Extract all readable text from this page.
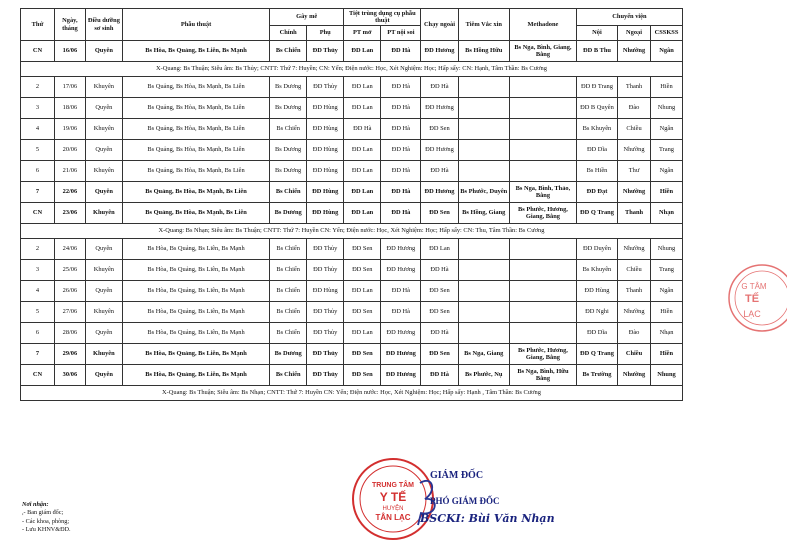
Thứ	Ngày, tháng	Điều dưỡng sơ sinh	Phẫu thuật	Gây mê		Tiệt trùng dụng cụ phẫu thuật		Chạy ngoài	Tiêm Vắc xin	Methadone	Chuyển viện		
				Chính	Phụ	PT mở	PT nội soi				Nội	Ngoại	CSSKSS
CN	16/06	Quyên	Bs Hòa, Bs Quảng, Bs Liên, Bs Mạnh	Bs Chiến	ĐD Thủy	ĐD Lan	ĐD Hà	ĐD Hương	Bs Hồng Hữu	Bs Nga, Bình, Giang, Bằng	ĐD B Thu	Nhường	Ngân
X-Quang: Bs Thuận; Siêu âm: Bs Thủy; CNTT: Thứ 7: Huyền; CN: Yến; Điện nước: Học, Xét Nghiệm: Học; Hấp sấy: CN: Hạnh, Tâm Thần: Bs Cương													
2	17/06	Khuyên	Bs Quảng, Bs Hòa, Bs Mạnh, Bs Liên	Bs Dương	ĐD Thủy	ĐD Lan	ĐD Hà	ĐD Hà			ĐD Đ Trang	Thanh	Hiền
3	18/06	Quyên	Bs Quảng, Bs Hòa, Bs Mạnh, Bs Liên	Bs Dương	ĐD Hùng	ĐD Lan	ĐD Hà	ĐD Hương			ĐD B Quyên	Đào	Nhung
4	19/06	Khuyên	Bs Quảng, Bs Hòa, Bs Mạnh, Bs Liên	Bs Chiến	ĐD Hùng	ĐD Hà	ĐD Hà	ĐD Sen			Bs Khuyên	Chiều	Ngân
5	20/06	Quyên	Bs Quảng, Bs Hòa, Bs Mạnh, Bs Liên	Bs Dương	ĐD Hùng	ĐD Lan	ĐD Hà	ĐD Hương			ĐD Dĩa	Nhường	Trang
6	21/06	Khuyên	Bs Quảng, Bs Hòa, Bs Mạnh, Bs Liên	Bs Dương	ĐD Hùng	ĐD Lan	ĐD Hà	ĐD Hà			Bs Hiền	Thư	Ngân
7	22/06	Quyên	Bs Quảng, Bs Hòa, Bs Mạnh, Bs Liên	Bs Chiến	ĐD Hùng	ĐD Lan	ĐD Hà	ĐD Hương	Bs Phước, Duyên	Bs Nga, Bình, Thảo, Bằng	ĐD Đạt	Nhường	Hiền
CN	23/06	Khuyên	Bs Quảng, Bs Hòa, Bs Mạnh, Bs Liên	Bs Dương	ĐD Hùng	ĐD Lan	ĐD Hà	ĐD Sen	Bs Hồng, Giang	Bs Phước, Hương, Giang, Bằng	ĐD Q Trang	Thanh	Nhạn
X-Quang: Bs Nhạn; Siêu âm: Bs Thuận; CNTT: Thứ 7: Huyền CN: Yến; Điện nước: Học, Xét Nghiệm: Học; Hấp sấy: CN: Thu, Tâm Thần: Bs Cương													
2	24/06	Quyên	Bs Hòa, Bs Quảng, Bs Liên, Bs Mạnh	Bs Chiến	ĐD Thủy	ĐD Sen	ĐD Hương	ĐD Lan			ĐD Duyên	Nhường	Nhung
3	25/06	Khuyên	Bs Hòa, Bs Quảng, Bs Liên, Bs Mạnh	Bs Chiến	ĐD Thủy	ĐD Sen	ĐD Hương	ĐD Hà			Bs Khuyên	Chiều	Trang
4	26/06	Quyên	Bs Hòa, Bs Quảng, Bs Liên, Bs Mạnh	Bs Chiến	ĐD Hùng	ĐD Lan	ĐD Hà	ĐD Sen			ĐD Hùng	Thanh	Ngân
5	27/06	Khuyên	Bs Hòa, Bs Quảng, Bs Liên, Bs Mạnh	Bs Chiến	ĐD Thủy	ĐD Sen	ĐD Hà	ĐD Sen			ĐD Nghi	Nhường	Hiền
6	28/06	Quyên	Bs Hòa, Bs Quảng, Bs Liên, Bs Mạnh	Bs Chiến	ĐD Thủy	ĐD Lan	ĐD Hương	ĐD Hà			ĐD Dĩa	Đào	Nhạn
7	29/06	Khuyên	Bs Hòa, Bs Quảng, Bs Liên, Bs Mạnh	Bs Dương	ĐD Thủy	ĐD Sen	ĐD Hương	ĐD Sen	Bs Nga, Giang	Bs Phước, Hương, Giang, Bằng	ĐD Q Trang	Chiều	Hiền
CN	30/06	Quyên	Bs Hòa, Bs Quảng, Bs Liên, Bs Mạnh	Bs Chiến	ĐD Thủy	ĐD Sen	ĐD Hương	ĐD Hà	Bs Phước, Nụ	Bs Nga, Bình, Hữu Bằng	Bs Trường	Nhường	Nhung
X-Quang: Bs Thuận; Siêu âm: Bs Nhạn; CNTT: Thứ 7: Huyền CN: Yến; Điện nước: Học, Xét Nghiệm: Học; Hấp sấy: Hạnh , Tâm Thần: Bs Cương													
Nơi nhận:
,- Ban giám đốc;
- Các khoa, phòng;
- Lưu KHNV&ĐD.
TRUNG TÂM
Y TẾ
HUYỆN
TÂN LẠC
GIÁM ĐỐC
PHÓ GIÁM ĐỐC
BSCKI: Bùi Văn Nhạn
G TÂM
TẾ
LẠC
